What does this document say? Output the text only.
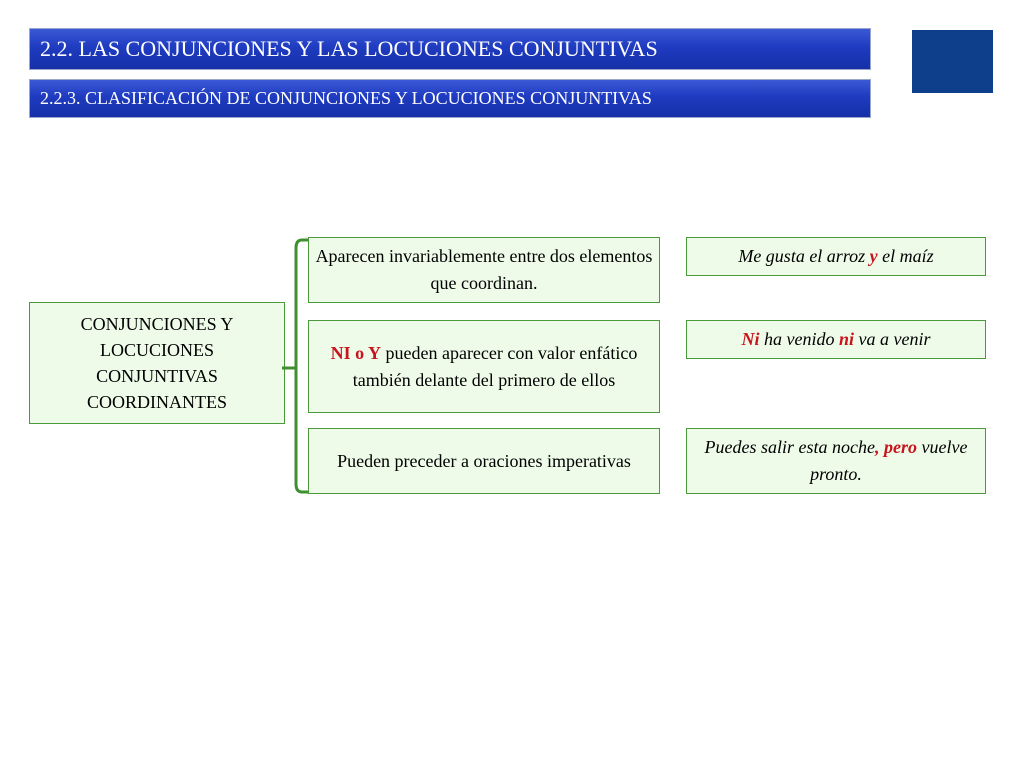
2.2. LAS CONJUNCIONES Y LAS LOCUCIONES CONJUNTIVAS
2.2.3. CLASIFICACIÓN DE CONJUNCIONES Y LOCUCIONES CONJUNTIVAS
CONJUNCIONES Y
LOCUCIONES
CONJUNTIVAS
COORDINANTES
Aparecen invariablemente entre dos elementos que coordinan.
NI o Y pueden aparecer con valor enfático también delante del primero de ellos
Pueden preceder a oraciones imperativas
Me gusta el arroz y el maíz
Ni ha venido ni va a venir
Puedes salir esta noche, pero vuelve pronto.
